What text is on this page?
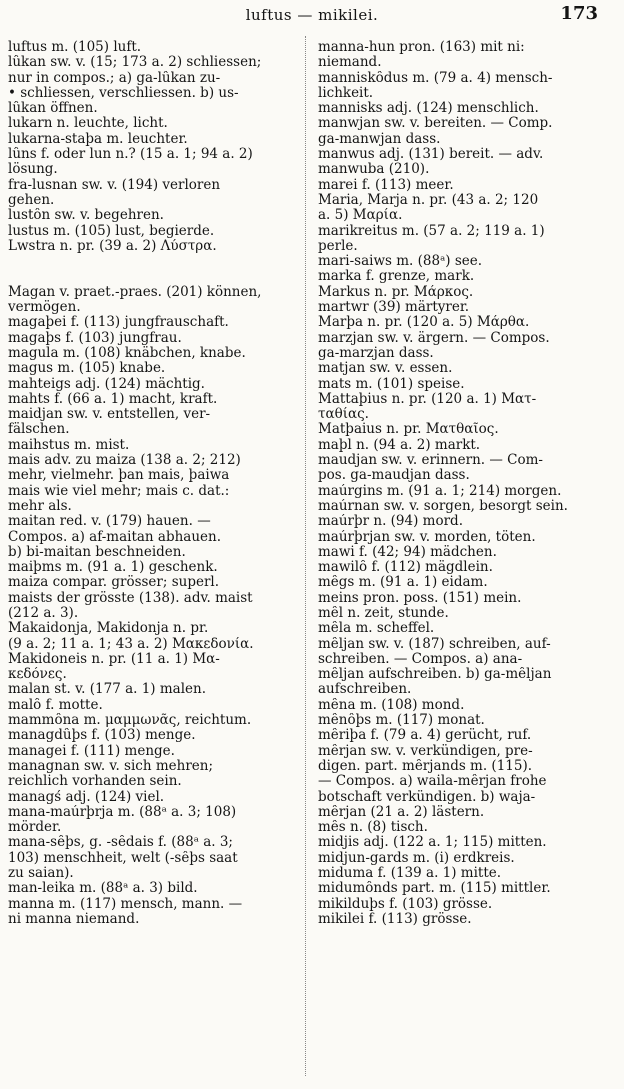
luftus — mikilei.	173
luftus m. (105) luft.
lûkan sw. v. (15; 173 a. 2) schliessen;
nur in compos.; a) ga-lûkan zu-
• schliessen, verschliessen. b) us-
lûkan öffnen.
lukarn n. leuchte, licht.
lukarna-staþa m. leuchter.
lûns f. oder lun n.? (15 a. 1; 94 a. 2)
lösung.
fra-lusnan sw. v. (194) verloren
gehen.
lustôn sw. v. begehren.
lustus m. (105) lust, begierde.
Lwstra n. pr. (39 a. 2) Λύστρα.
Magan v. praet.-praes. (201) können,
vermögen.
magaþei f. (113) jungfrauschaft.
magaþs f. (103) jungfrau.
magula m. (108) knäbchen, knabe.
magus m. (105) knabe.
mahteigs adj. (124) mächtig.
mahts f. (66 a. 1) macht, kraft.
maidjan sw. v. entstellen, ver-
fälschen.
maihstus m. mist.
mais adv. zu maiza (138 a. 2; 212)
mehr, vielmehr. þan mais, þaiwa
mais wie viel mehr; mais c. dat.:
mehr als.
maitan red. v. (179) hauen. —
Compos. a) af-maitan abhauen.
b) bi-maitan beschneiden.
maiþms m. (91 a. 1) geschenk.
maiza compar. grösser; superl.
maists der grösste (138). adv. maist
(212 a. 3).
Makaidonja, Makidonja n. pr.
(9 a. 2; 11 a. 1; 43 a. 2) Μακεδονία.
Makidoneis n. pr. (11 a. 1) Μα-
κεδόνες.
malan st. v. (177 a. 1) malen.
malô f. motte.
mammôna m. μαμμωνᾶς, reichtum.
managdûþs f. (103) menge.
managei f. (111) menge.
managnan sw. v. sich mehren;
reichlich vorhanden sein.
managś adj. (124) viel.
mana-maúrþrja m. (88ᵃ a. 3; 108)
mörder.
mana-sêþs, g. -sêdais f. (88ᵃ a. 3;
103) menschheit, welt (-sêþs saat
zu saian).
man-leika m. (88ᵃ a. 3) bild.
manna m. (117) mensch, mann. —
ni manna niemand.
manna-hun pron. (163) mit ni:
niemand.
manniskôdus m. (79 a. 4) mensch-
lichkeit.
mannisks adj. (124) menschlich.
manwjan sw. v. bereiten. — Comp.
ga-manwjan dass.
manwus adj. (131) bereit. — adv.
manwuba (210).
marei f. (113) meer.
Maria, Marja n. pr. (43 a. 2; 120
a. 5) Μαρία.
marikreitus m. (57 a. 2; 119 a. 1)
perle.
mari-saiws m. (88ᵃ) see.
marka f. grenze, mark.
Markus n. pr. Μάρκος.
martwr (39) märtyrer.
Marþa n. pr. (120 a. 5) Μάρθα.
marzjan sw. v. ärgern. — Compos.
ga-marzjan dass.
matjan sw. v. essen.
mats m. (101) speise.
Mattaþius n. pr. (120 a. 1) Ματ-
ταθίας.
Matþaius n. pr. Ματθαῖος.
maþl n. (94 a. 2) markt.
maudjan sw. v. erinnern. — Com-
pos. ga-maudjan dass.
maúrgins m. (91 a. 1; 214) morgen.
maúrnan sw. v. sorgen, besorgt sein.
maúrþr n. (94) mord.
maúrþrjan sw. v. morden, töten.
mawi f. (42; 94) mädchen.
mawilô f. (112) mägdlein.
mêgs m. (91 a. 1) eidam.
meins pron. poss. (151) mein.
mêl n. zeit, stunde.
mêla m. scheffel.
mêljan sw. v. (187) schreiben, auf-
schreiben. — Compos. a) ana-
mêljan aufschreiben. b) ga-mêljan
aufschreiben.
mêna m. (108) mond.
mênôþs m. (117) monat.
mêriþa f. (79 a. 4) gerücht, ruf.
mêrjan sw. v. verkündigen, pre-
digen. part. mêrjands m. (115).
— Compos. a) waila-mêrjan frohe
botschaft verkündigen. b) waja-
mêrjan (21 a. 2) lästern.
mês n. (8) tisch.
midjis adj. (122 a. 1; 115) mitten.
midjun-gards m. (i) erdkreis.
miduma f. (139 a. 1) mitte.
midumônds part. m. (115) mittler.
mikilduþs f. (103) grösse.
mikilei f. (113) grösse.
